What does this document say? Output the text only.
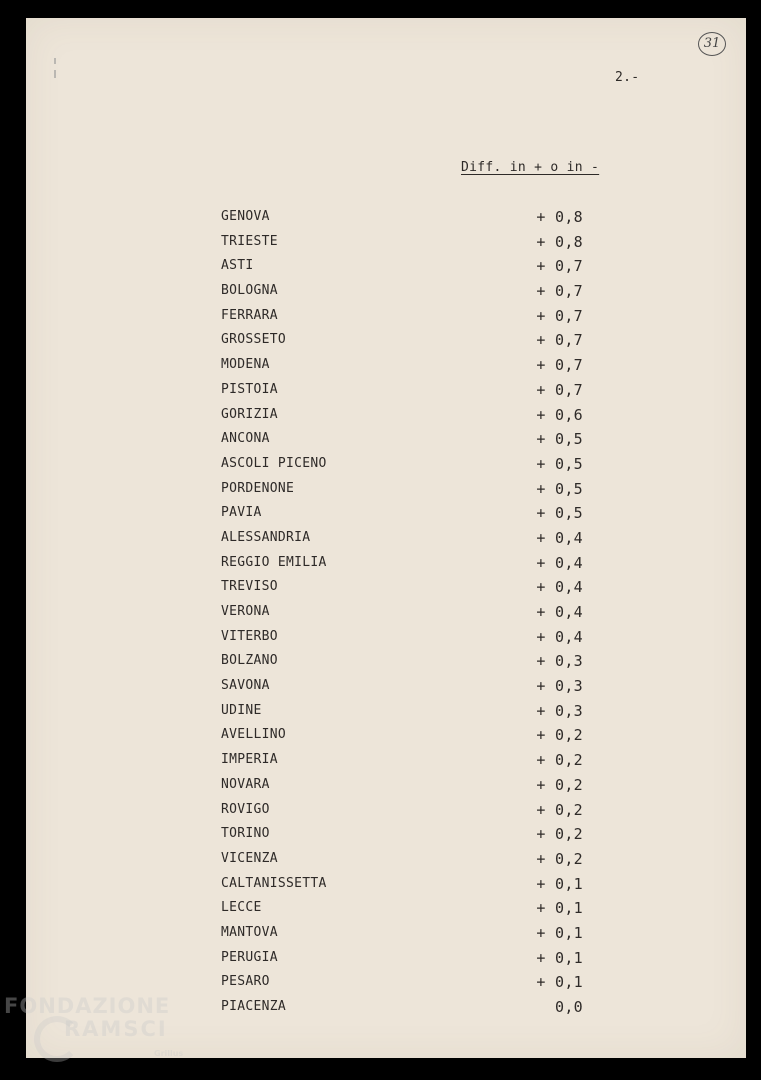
31
2.-
Diff. in + o in -
GENOVA	+ 0,8
TRIESTE	+ 0,8
ASTI	+ 0,7
BOLOGNA	+ 0,7
FERRARA	+ 0,7
GROSSETO	+ 0,7
MODENA	+ 0,7
PISTOIA	+ 0,7
GORIZIA	+ 0,6
ANCONA	+ 0,5
ASCOLI PICENO	+ 0,5
PORDENONE	+ 0,5
PAVIA	+ 0,5
ALESSANDRIA	+ 0,4
REGGIO EMILIA	+ 0,4
TREVISO	+ 0,4
VERONA	+ 0,4
VITERBO	+ 0,4
BOLZANO	+ 0,3
SAVONA	+ 0,3
UDINE	+ 0,3
AVELLINO	+ 0,2
IMPERIA	+ 0,2
NOVARA	+ 0,2
ROVIGO	+ 0,2
TORINO	+ 0,2
VICENZA	+ 0,2
CALTANISSETTA	+ 0,1
LECCE	+ 0,1
MANTOVA	+ 0,1
PERUGIA	+ 0,1
PESARO	+ 0,1
PIACENZA	0,0
FONDAZIONE
RAMSCI
Grillus
